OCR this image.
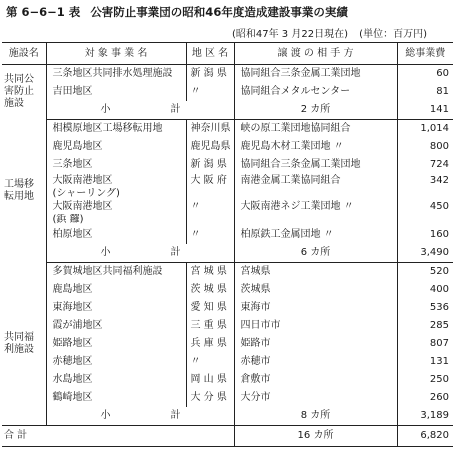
第 6−6−1 表 公害防止事業団の昭和46年度造成建設事業の実績
(昭和47年 3 月22日現在) (単位：百万円)
施設名	対 象 事 業 名	地 区 名	譲 渡 の 相 手 方	総事業費
共同公害防止施設	三条地区共同排水処理施設	新 潟 県	協同組合三条金属工業団地	60
	吉田地区	〃	協同組合メタルセンター	81
	小 計		2 カ所	141
工場移転用地	相模原地区工場移転用地	神奈川県	峡の原工業団地協同組合	1,014
	鹿児島地区	鹿児島県	鹿児島木材工業団地 〃	800
	三条地区	新 潟 県	協同組合三条金属工業団地	724
	大阪南港地区	大 阪 府	南港金属工業協同組合	342
	(シャーリング)			
	大阪南港地区	〃	大阪南港ネジ工業団地 〃	450
	(鋲 鑼)			
	柏原地区	〃	柏原鉄工金属団地 〃	160
	小 計		6 カ所	3,490
共同福利施設	多賀城地区共同福利施設	宮 城 県	宮城県	520
	鹿島地区	茨 城 県	茨城県	400
	東海地区	愛 知 県	東海市	536
	霞が浦地区	三 重 県	四日市市	285
	姫路地区	兵 庫 県	姫路市	807
	赤穂地区	〃	赤穂市	131
	水島地区	岡 山 県	倉敷市	250
	鶴崎地区	大 分 県	大分市	260
	小 計		8 カ所	3,189
合 計			16 カ所	6,820
